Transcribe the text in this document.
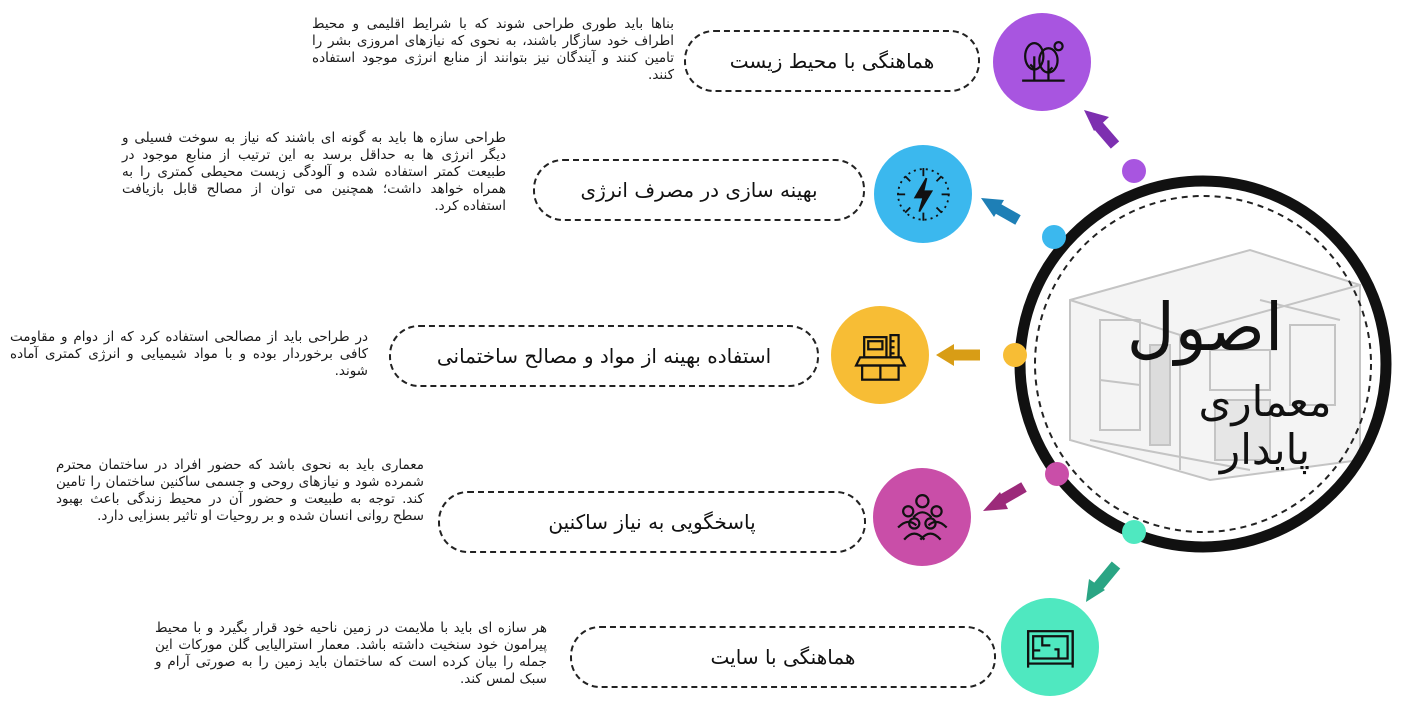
اصول
معماری پایدار
هماهنگی با محیط زیست

بناها باید طوری طراحی شوند که با شرایط اقلیمی و محیط اطراف خود سازگار باشند، به نحوی که نیازهای امروزی بشر را تامین کنند و آیندگان نیز بتوانند از منابع انرژی موجود استفاده کنند.

بهینه سازی در مصرف انرژی

طراحی سازه ها باید به گونه ای باشند که نیاز به سوخت فسیلی و دیگر انرژی ها به حداقل برسد به این ترتیب از منابع موجود در طبیعت کمتر استفاده شده و آلودگی زیست محیطی کمتری را به همراه خواهد داشت؛ همچنین می توان از مصالح قابل بازیافت استفاده کرد.

استفاده بهینه از مواد و مصالح ساختمانی

در طراحی باید از مصالحی استفاده کرد که از دوام و مقاومت کافی برخوردار بوده و با مواد شیمیایی و انرژی کمتری آماده شوند.

پاسخگویی به نیاز ساکنین

معماری باید به نحوی باشد که حضور افراد در ساختمان محترم شمرده شود و نیازهای روحی و جسمی ساکنین ساختمان را تامین کند. توجه به طبیعت و حضور آن در محیط زندگی باعث بهبود سطح روانی انسان شده و بر روحیات او تاثیر بسزایی دارد.

هماهنگی با سایت

هر سازه ای باید با ملایمت در زمین ناحیه خود قرار بگیرد و با محیط پیرامون خود سنخیت داشته باشد. معمار استرالیایی گلن مورکات این جمله را بیان کرده است که ساختمان باید زمین را به صورتی آرام و سبک لمس کند.
